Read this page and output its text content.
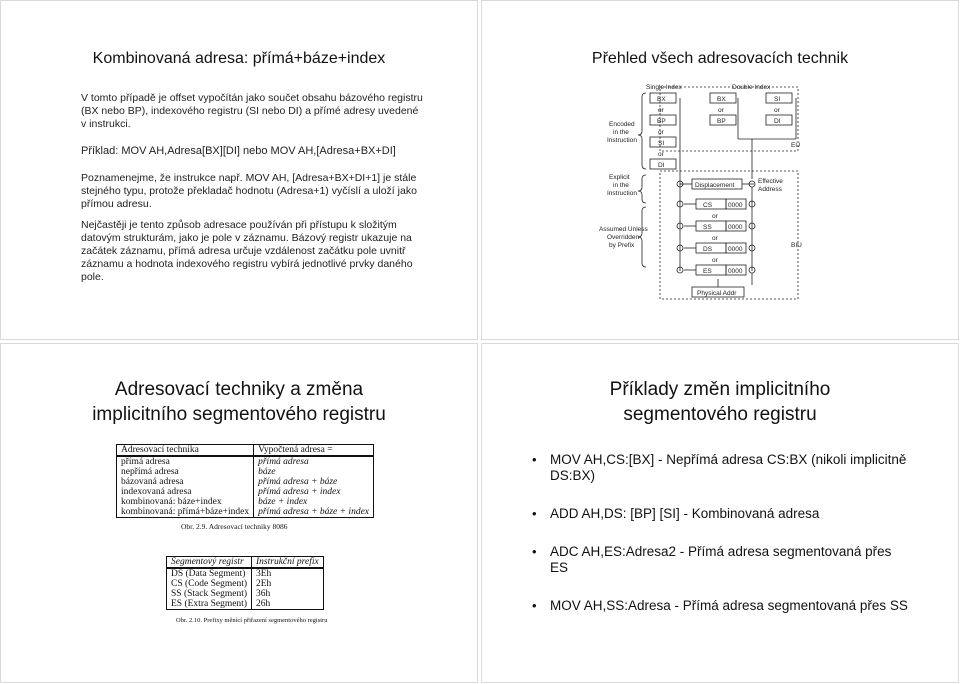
Kombinovaná adresa: přímá+báze+index

V tomto případě je offset vypočítán jako součet obsahu bázového registru (BX nebo BP), indexového registru (SI nebo DI) a přímé adresy uvedené v instrukci.

Příklad: MOV AH,Adresa[BX][DI] nebo MOV AH,[Adresa+BX+DI]

Poznamenejme, že instrukce např. MOV AH, [Adresa+BX+DI+1] je stále stejného typu, protože překladač hodnotu (Adresa+1) vyčíslí a uloží jako přímou adresu.

Nejčastěji je tento způsob adresace používán při přístupu k složitým datovým strukturám, jako je pole v záznamu. Bázový registr ukazuje na začátek záznamu, přímá adresa určuje vzdálenost začátku pole uvnitř záznamu a hodnota indexového registru vybírá jednotlivé prvky daného pole.

Přehled všech adresovacích technik
Single Index	Double Index
BX
or
BP
or
SI
or
DI
BX
or
BP
SI
or
DI
Encoded
in the
Instruction
EU
Explicit
in the
Instruction
Displacement
Effective
Address
Assumed Unless
Overridden
by Prefix
CS 0000
or
SS	0000
or
DS 0000
or
ES	0000
BIU
Physical Addr
Adresovací techniky a změna
implicitního segmentového registru
Adresovací technika	Vypočtená adresa =
přímá adresa	přímá adresa
nepřímá adresa	báze
bázovaná adresa	přímá adresa + báze
indexovaná adresa	přímá adresa + index
kombinovaná: báze+index	báze + index
kombinovaná: přímá+báze+index	přímá adresa + báze + index
Obr. 2.9. Adresovací techniky 8086
Segmentový registr	Instrukční prefix
DS (Data Segment)	3Eh
CS (Code Segment)	2Eh
SS (Stack Segment)	36h
ES (Extra Segment)	26h
Obr. 2.10. Prefixy měnící přiřazení segmentového registru
Příklady změn implicitního
segmentového registru
• MOV AH,CS:[BX] - Nepřímá adresa CS:BX (nikoli implicitně DS:BX)
• ADD AH,DS: [BP] [SI] - Kombinovaná adresa
• ADC AH,ES:Adresa2 - Přímá adresa segmentovaná přes ES
• MOV AH,SS:Adresa - Přímá adresa segmentovaná přes SS
